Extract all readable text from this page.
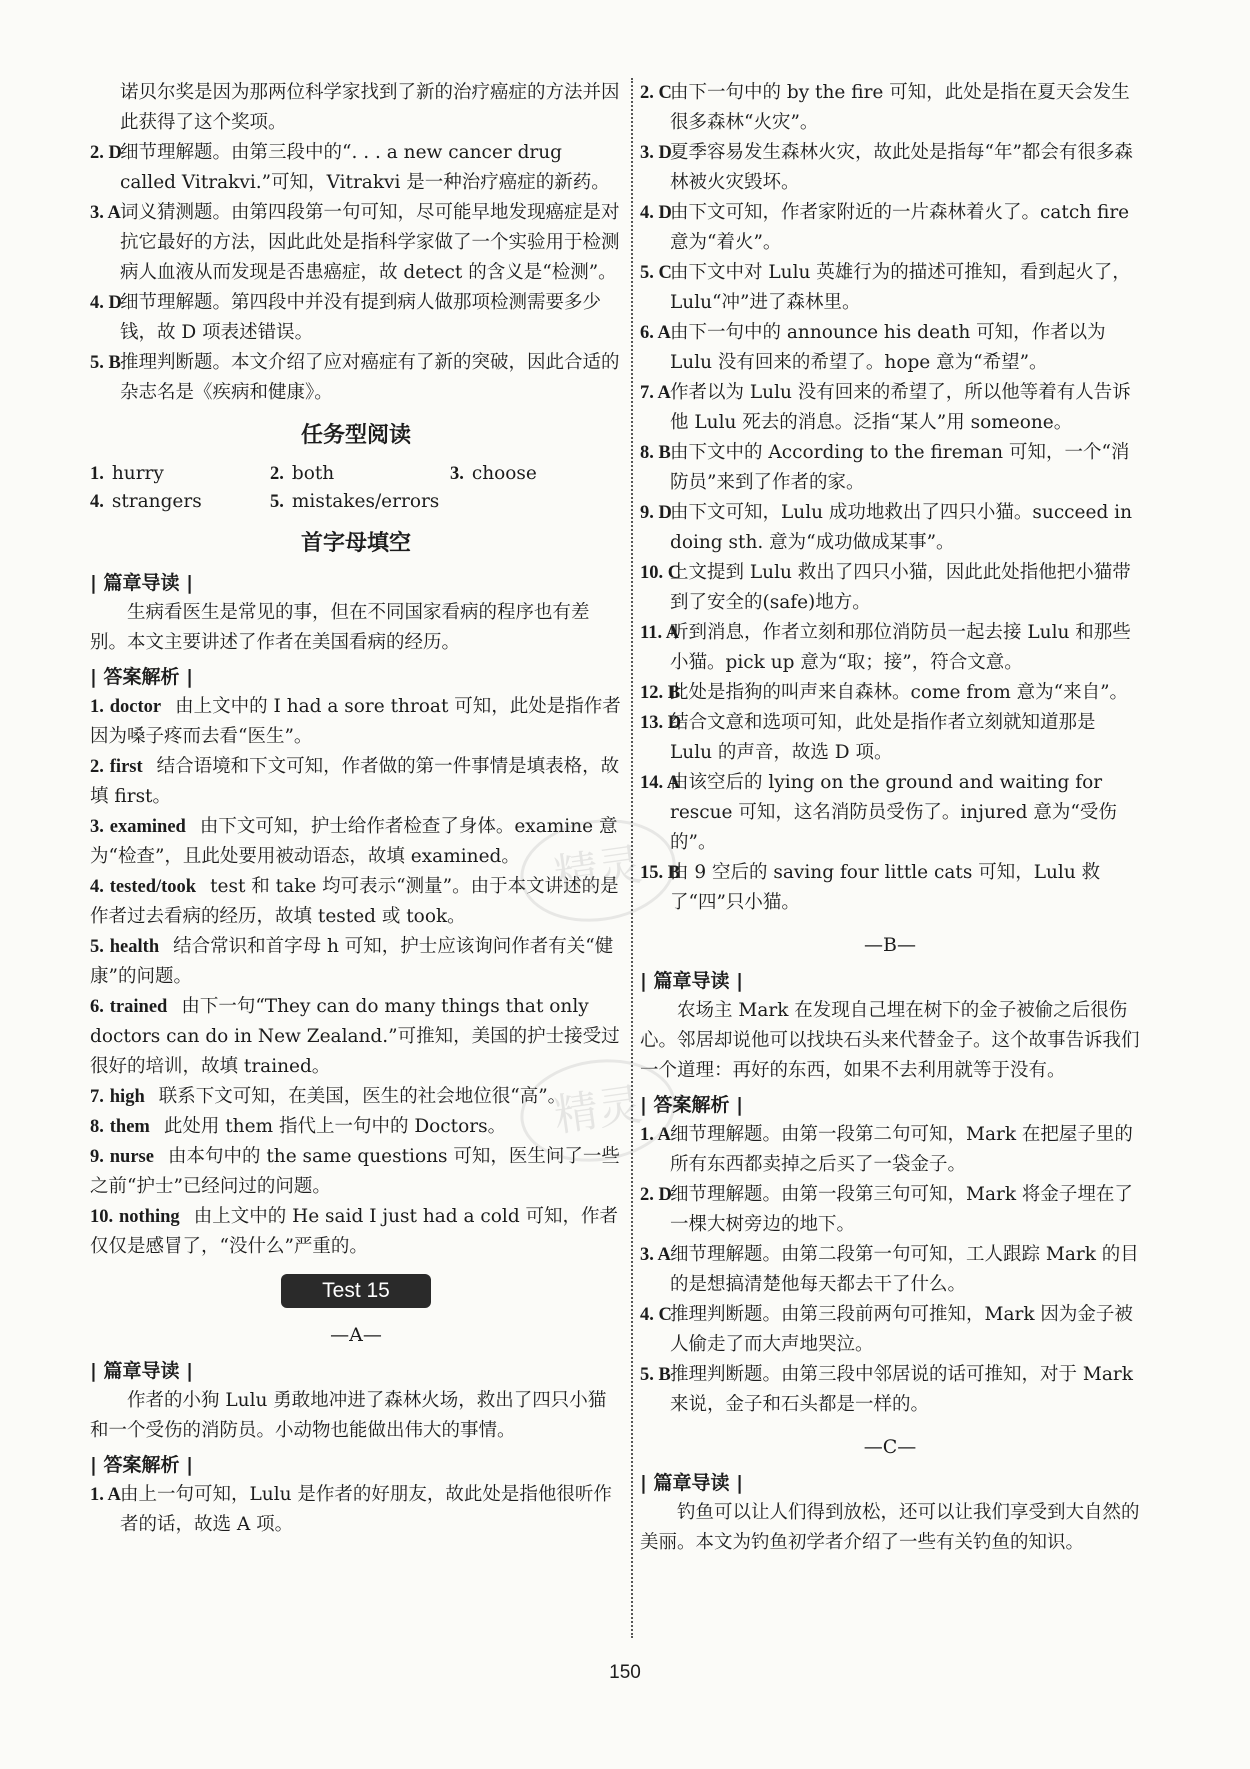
诺贝尔奖是因为那两位科学家找到了新的治疗癌症的方法并因此获得了这个奖项。

2. D
细节理解题。由第三段中的“. . . a new cancer drug called Vitrakvi.”可知，Vitrakvi 是一种治疗癌症的新药。
3. A 词义猜测题。由第四段第一句可知，尽可能早地发现癌症是对抗它最好的方法，因此此处是指科学家做了一个实验用于检测病人血液从而发现是否患癌症，故 detect 的含义是“检测”。
4. D
细节理解题。第四段中并没有提到病人做那项检测需要多少钱，故 D 项表述错误。
5. B 推理判断题。本文介绍了应对癌症有了新的突破，因此合适的杂志名是《疾病和健康》。
任务型阅读
1. hurry	2. both	3. choose
4. strangers	5. mistakes/errors
首字母填空
| 篇章导读 |

生病看医生是常见的事，但在不同国家看病的程序也有差别。本文主要讲述了作者在美国看病的经历。

| 答案解析 |
1. doctor 由上文中的 I had a sore throat 可知，此处是指作者因为嗓子疼而去看“医生”。
2. first 结合语境和下文可知，作者做的第一件事情是填表格，故填 first。
3. examined 由下文可知，护士给作者检查了身体。examine 意为“检查”，且此处要用被动语态，故填 examined。
4. tested/took test 和 take 均可表示“测量”。由于本文讲述的是作者过去看病的经历，故填 tested 或 took。
5. health 结合常识和首字母 h 可知，护士应该询问作者有关“健康”的问题。
6. trained 由下一句“They can do many things that only doctors can do in New Zealand.”可推知，美国的护士接受过很好的培训，故填 trained。
7. high 联系下文可知，在美国，医生的社会地位很“高”。
8. them 此处用 them 指代上一句中的 Doctors。
9. nurse 由本句中的 the same questions 可知，医生问了一些之前“护士”已经问过的问题。
10. nothing 由上文中的 He said I just had a cold 可知，作者仅仅是感冒了，“没什么”严重的。
Test 15
—A—
| 篇章导读 |

作者的小狗 Lulu 勇敢地冲进了森林火场，救出了四只小猫和一个受伤的消防员。小动物也能做出伟大的事情。

| 答案解析 |
1. A 由上一句可知，Lulu 是作者的好朋友，故此处是指他很听作者的话，故选 A 项。
2. C
由下一句中的 by the fire 可知，此处是指在夏天会发生很多森林“火灾”。
3. D
夏季容易发生森林火灾，故此处是指每“年”都会有很多森林被火灾毁坏。
4. D
由下文可知，作者家附近的一片森林着火了。catch fire 意为“着火”。
5. C
由下文中对 Lulu 英雄行为的描述可推知，看到起火了，Lulu“冲”进了森林里。
6. A 由下一句中的 announce his death 可知，作者以为 Lulu 没有回来的希望了。hope 意为“希望”。
7. A 作者以为 Lulu 没有回来的希望了，所以他等着有人告诉他 Lulu 死去的消息。泛指“某人”用 someone。
8. B 由下文中的 According to the fireman 可知，一个“消防员”来到了作者的家。
9. D
由下文可知，Lulu 成功地救出了四只小猫。succeed in doing sth. 意为“成功做成某事”。
10. C
上文提到 Lulu 救出了四只小猫，因此此处指他把小猫带到了安全的(safe)地方。
11. A
听到消息，作者立刻和那位消防员一起去接 Lulu 和那些小猫。pick up 意为“取；接”，符合文意。
12. B
此处是指狗的叫声来自森林。come from 意为“来自”。
13. D
结合文意和选项可知，此处是指作者立刻就知道那是 Lulu 的声音，故选 D 项。
14. A
由该空后的 lying on the ground and waiting for rescue 可知，这名消防员受伤了。injured 意为“受伤的”。
15. B
由 9 空后的 saving four little cats 可知，Lulu 救了“四”只小猫。
—B—
| 篇章导读 |

农场主 Mark 在发现自己埋在树下的金子被偷之后很伤心。邻居却说他可以找块石头来代替金子。这个故事告诉我们一个道理：再好的东西，如果不去利用就等于没有。

| 答案解析 |
1. A 细节理解题。由第一段第二句可知，Mark 在把屋子里的所有东西都卖掉之后买了一袋金子。
2. D
细节理解题。由第一段第三句可知，Mark 将金子埋在了一棵大树旁边的地下。
3. A 细节理解题。由第二段第一句可知，工人跟踪 Mark 的目的是想搞清楚他每天都去干了什么。
4. C
推理判断题。由第三段前两句可推知，Mark 因为金子被人偷走了而大声地哭泣。
5. B 推理判断题。由第三段中邻居说的话可推知，对于 Mark 来说，金子和石头都是一样的。
—C—
| 篇章导读 |

钓鱼可以让人们得到放松，还可以让我们享受到大自然的美丽。本文为钓鱼初学者介绍了一些有关钓鱼的知识。

精灵
精灵
150
